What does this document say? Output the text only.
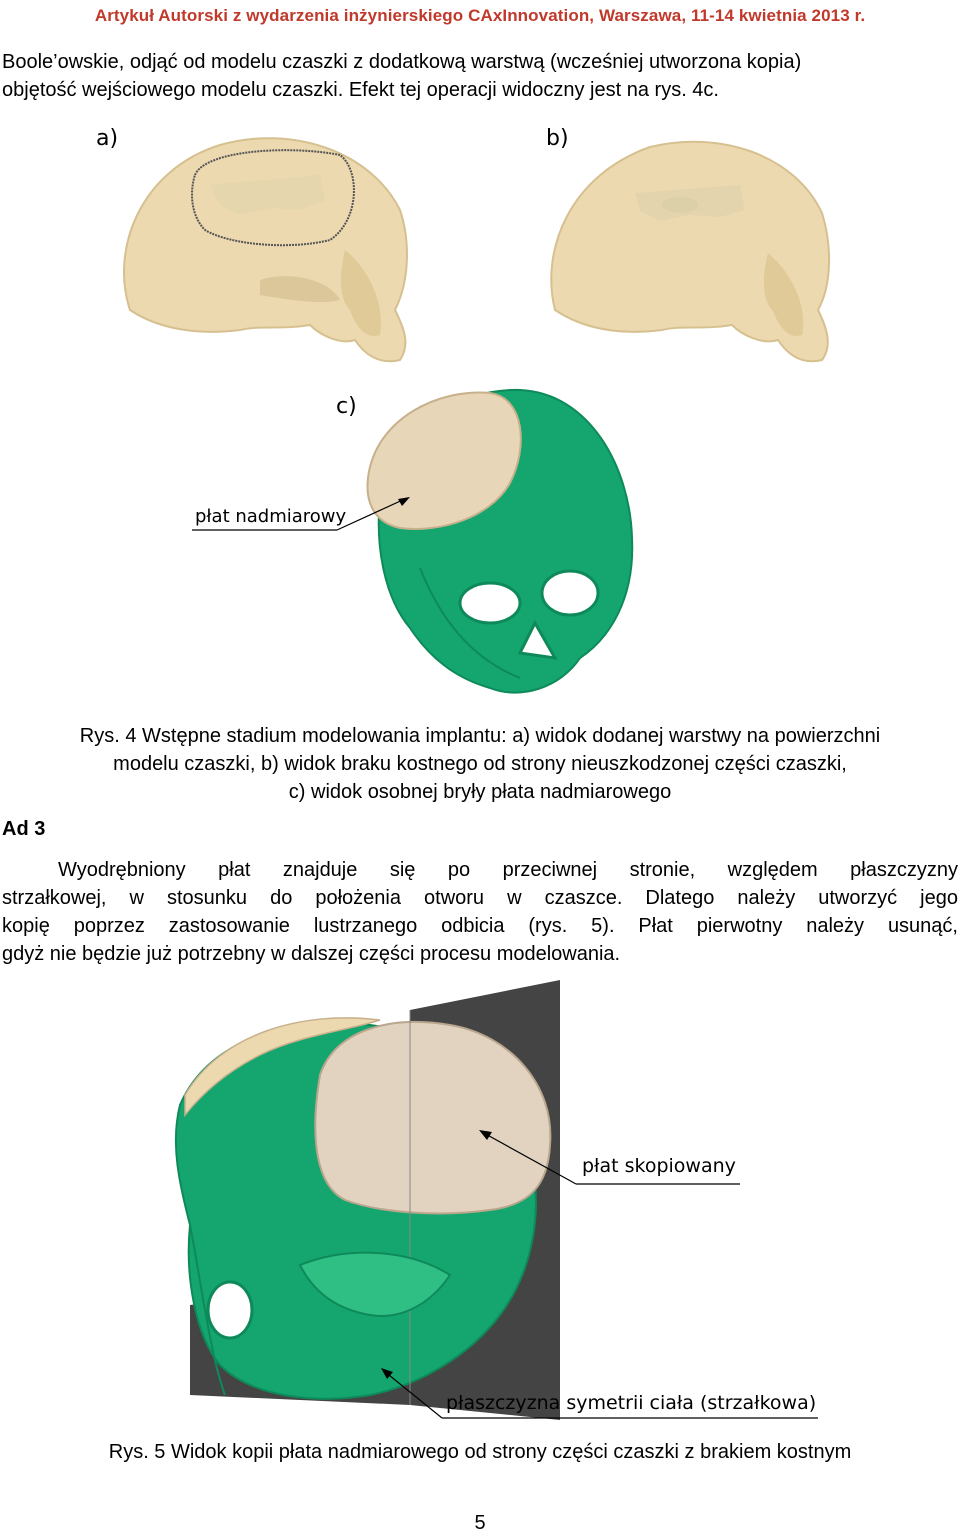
Artykuł Autorski z wydarzenia inżynierskiego CAxInnovation, Warszawa, 11-14 kwietnia 2013 r.
Boole’owskie, odjąć od modelu czaszki z dodatkową warstwą (wcześniej utworzona kopia)
objętość wejściowego modelu czaszki. Efekt tej operacji widoczny jest na rys. 4c.
a)	b)
c)
płat nadmiarowy
Rys. 4 Wstępne stadium modelowania implantu: a) widok dodanej warstwy na powierzchni
modelu czaszki, b) widok braku kostnego od strony nieuszkodzonej części czaszki,
c) widok osobnej bryły płata nadmiarowego
Ad 3
Wyodrębniony płat znajduje się po przeciwnej stronie, względem płaszczyzny
strzałkowej, w stosunku do położenia otworu w czaszce. Dlatego należy utworzyć jego
kopię poprzez zastosowanie lustrzanego odbicia (rys. 5). Płat pierwotny należy usunąć,
gdyż nie będzie już potrzebny w dalszej części procesu modelowania.
płat skopiowany
płaszczyzna symetrii ciała (strzałkowa)
Rys. 5 Widok kopii płata nadmiarowego od strony części czaszki z brakiem kostnym
5
